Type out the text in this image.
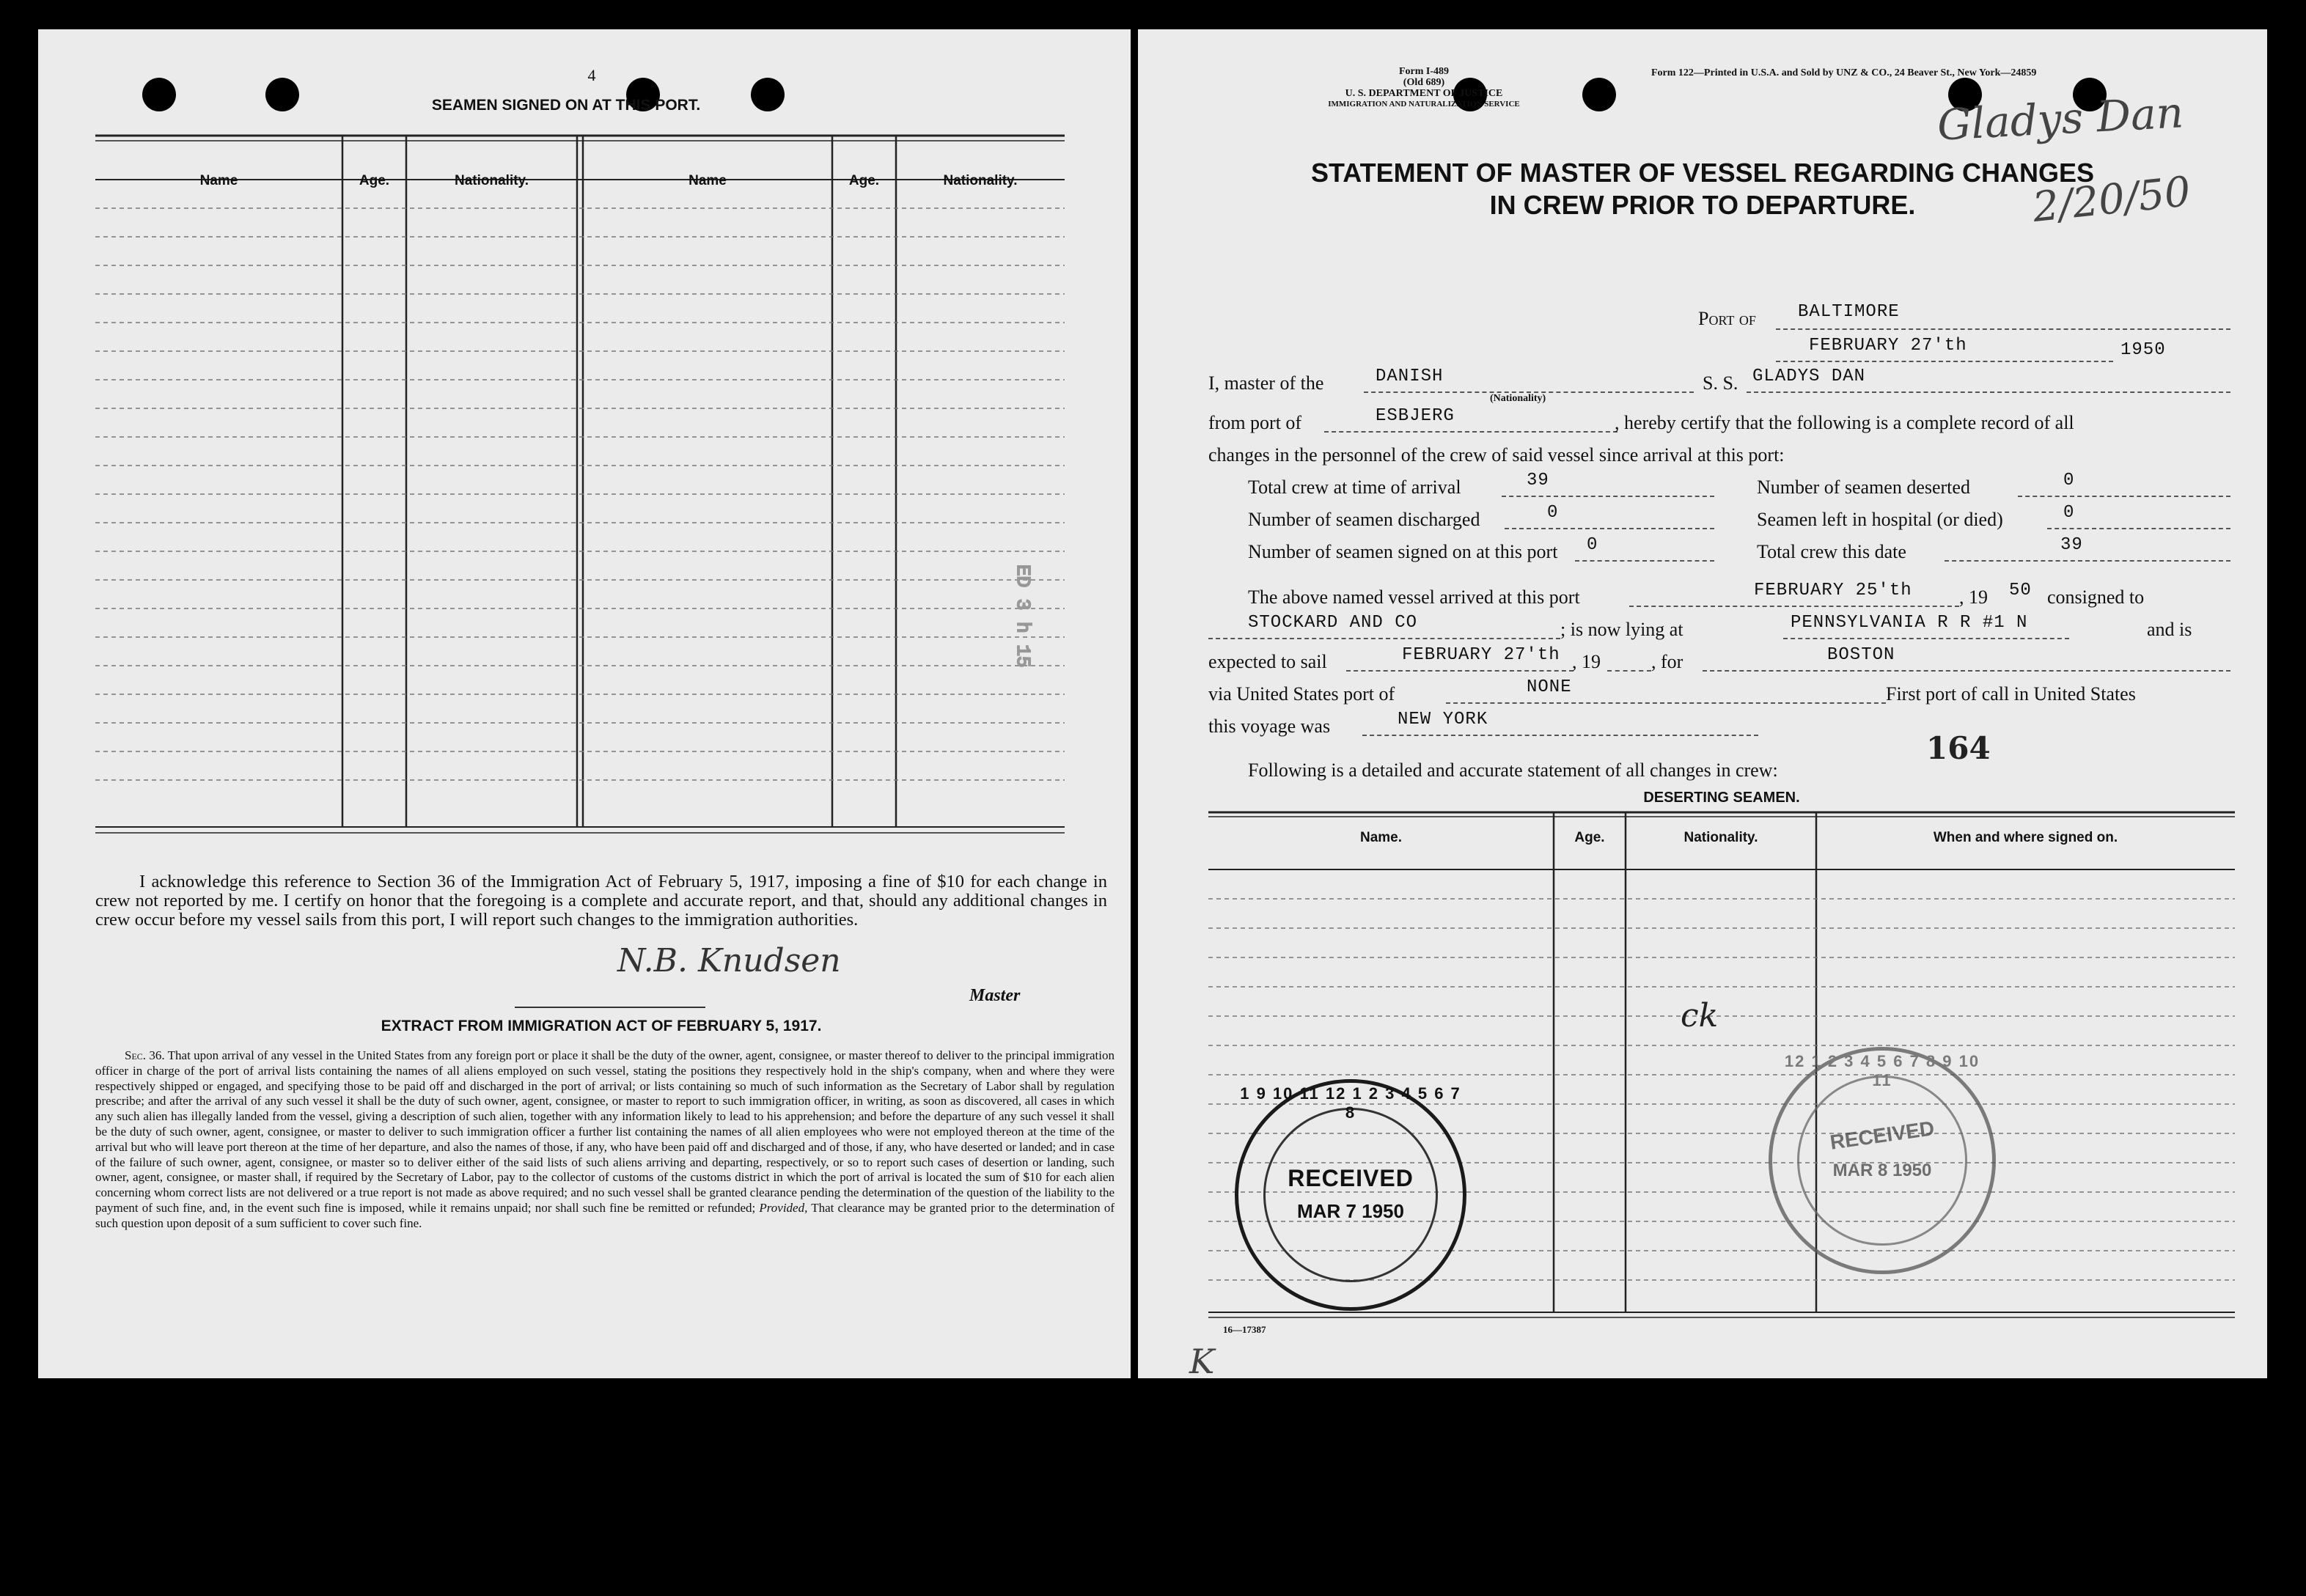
4
SEAMEN SIGNED ON AT THIS PORT.
ED 3 h 15
Name	Age.	Nationality.	Name	Age.	Nationality.
I acknowledge this reference to Section 36 of the Immigration Act of February 5, 1917, imposing a fine of $10 for each change in crew not reported by me. I certify on honor that the foregoing is a complete and accurate report, and that, should any additional changes in crew occur before my vessel sails from this port, I will report such changes to the immigration authorities.
N.B. Knudsen
Master
EXTRACT FROM IMMIGRATION ACT OF FEBRUARY 5, 1917.
Sec. 36. That upon arrival of any vessel in the United States from any foreign port or place it shall be the duty of the owner, agent, consignee, or master thereof to deliver to the principal immigration officer in charge of the port of arrival lists containing the names of all aliens employed on such vessel, stating the positions they respectively hold in the ship's company, when and where they were respectively shipped or engaged, and specifying those to be paid off and discharged in the port of arrival; or lists containing so much of such information as the Secretary of Labor shall by regulation prescribe; and after the arrival of any such vessel it shall be the duty of such owner, agent, consignee, or master to report to such immigration officer, in writing, as soon as discovered, all cases in which any such alien has illegally landed from the vessel, giving a description of such alien, together with any information likely to lead to his apprehension; and before the departure of any such vessel it shall be the duty of such owner, agent, consignee, or master to deliver to such immigration officer a further list containing the names of all alien employees who were not employed thereon at the time of the arrival but who will leave port thereon at the time of her departure, and also the names of those, if any, who have been paid off and discharged and of those, if any, who have deserted or landed; and in case of the failure of such owner, agent, consignee, or master so to deliver either of the said lists of such aliens arriving and departing, respectively, or so to report such cases of desertion or landing, such owner, agent, consignee, or master shall, if required by the Secretary of Labor, pay to the collector of customs of the customs district in which the port of arrival is located the sum of $10 for each alien concerning whom correct lists are not delivered or a true report is not made as above required; and no such vessel shall be granted clearance pending the determination of the question of the liability to the payment of such fine, and, in the event such fine is imposed, while it remains unpaid; nor shall such fine be remitted or refunded; Provided, That clearance may be granted prior to the determination of such question upon deposit of a sum sufficient to cover such fine.
Form I-489
(Old 689)
U. S. DEPARTMENT OF JUSTICE
IMMIGRATION AND NATURALIZATION SERVICE
Form 122—Printed in U.S.A. and Sold by UNZ & CO., 24 Beaver St., New York—24859
Gladys Dan
2/20/50
STATEMENT OF MASTER OF VESSEL REGARDING CHANGES
IN CREW PRIOR TO DEPARTURE.
Port of BALTIMORE
FEBRUARY 27'th	1950
I, master of the	DANISH
(Nationality)
S. S. GLADYS DAN
from port of	ESBJERG	, hereby certify that the following is a complete record of all
changes in the personnel of the crew of said vessel since arrival at this port:
Total crew at time of arrival	39	Number of seamen deserted	0
Number of seamen discharged	0	Seamen left in hospital (or died)	0
Number of seamen signed on at this port 0	Total crew this date	39
The above named vessel arrived at this port	FEBRUARY 25'th , 19 50 consigned to
STOCKARD AND CO	; is now lying at	PENNSYLVANIA R R #1 N	and is
expected to sail	FEBRUARY 27'th , 19	, for	BOSTON
via United States port of	NONE	First port of call in United States
this voyage was	NEW YORK
164
Following is a detailed and accurate statement of all changes in crew:
DESERTING SEAMEN.
Name.	Age.	Nationality.	When and where signed on.
ck
16—17387
K
1 9 10 11 12 1 2 3 4 5 6 7 8
RECEIVED
MAR 7 1950
12 1 2 3 4 5 6 7 8 9 10 11
RECEIVED
MAR 8 1950
